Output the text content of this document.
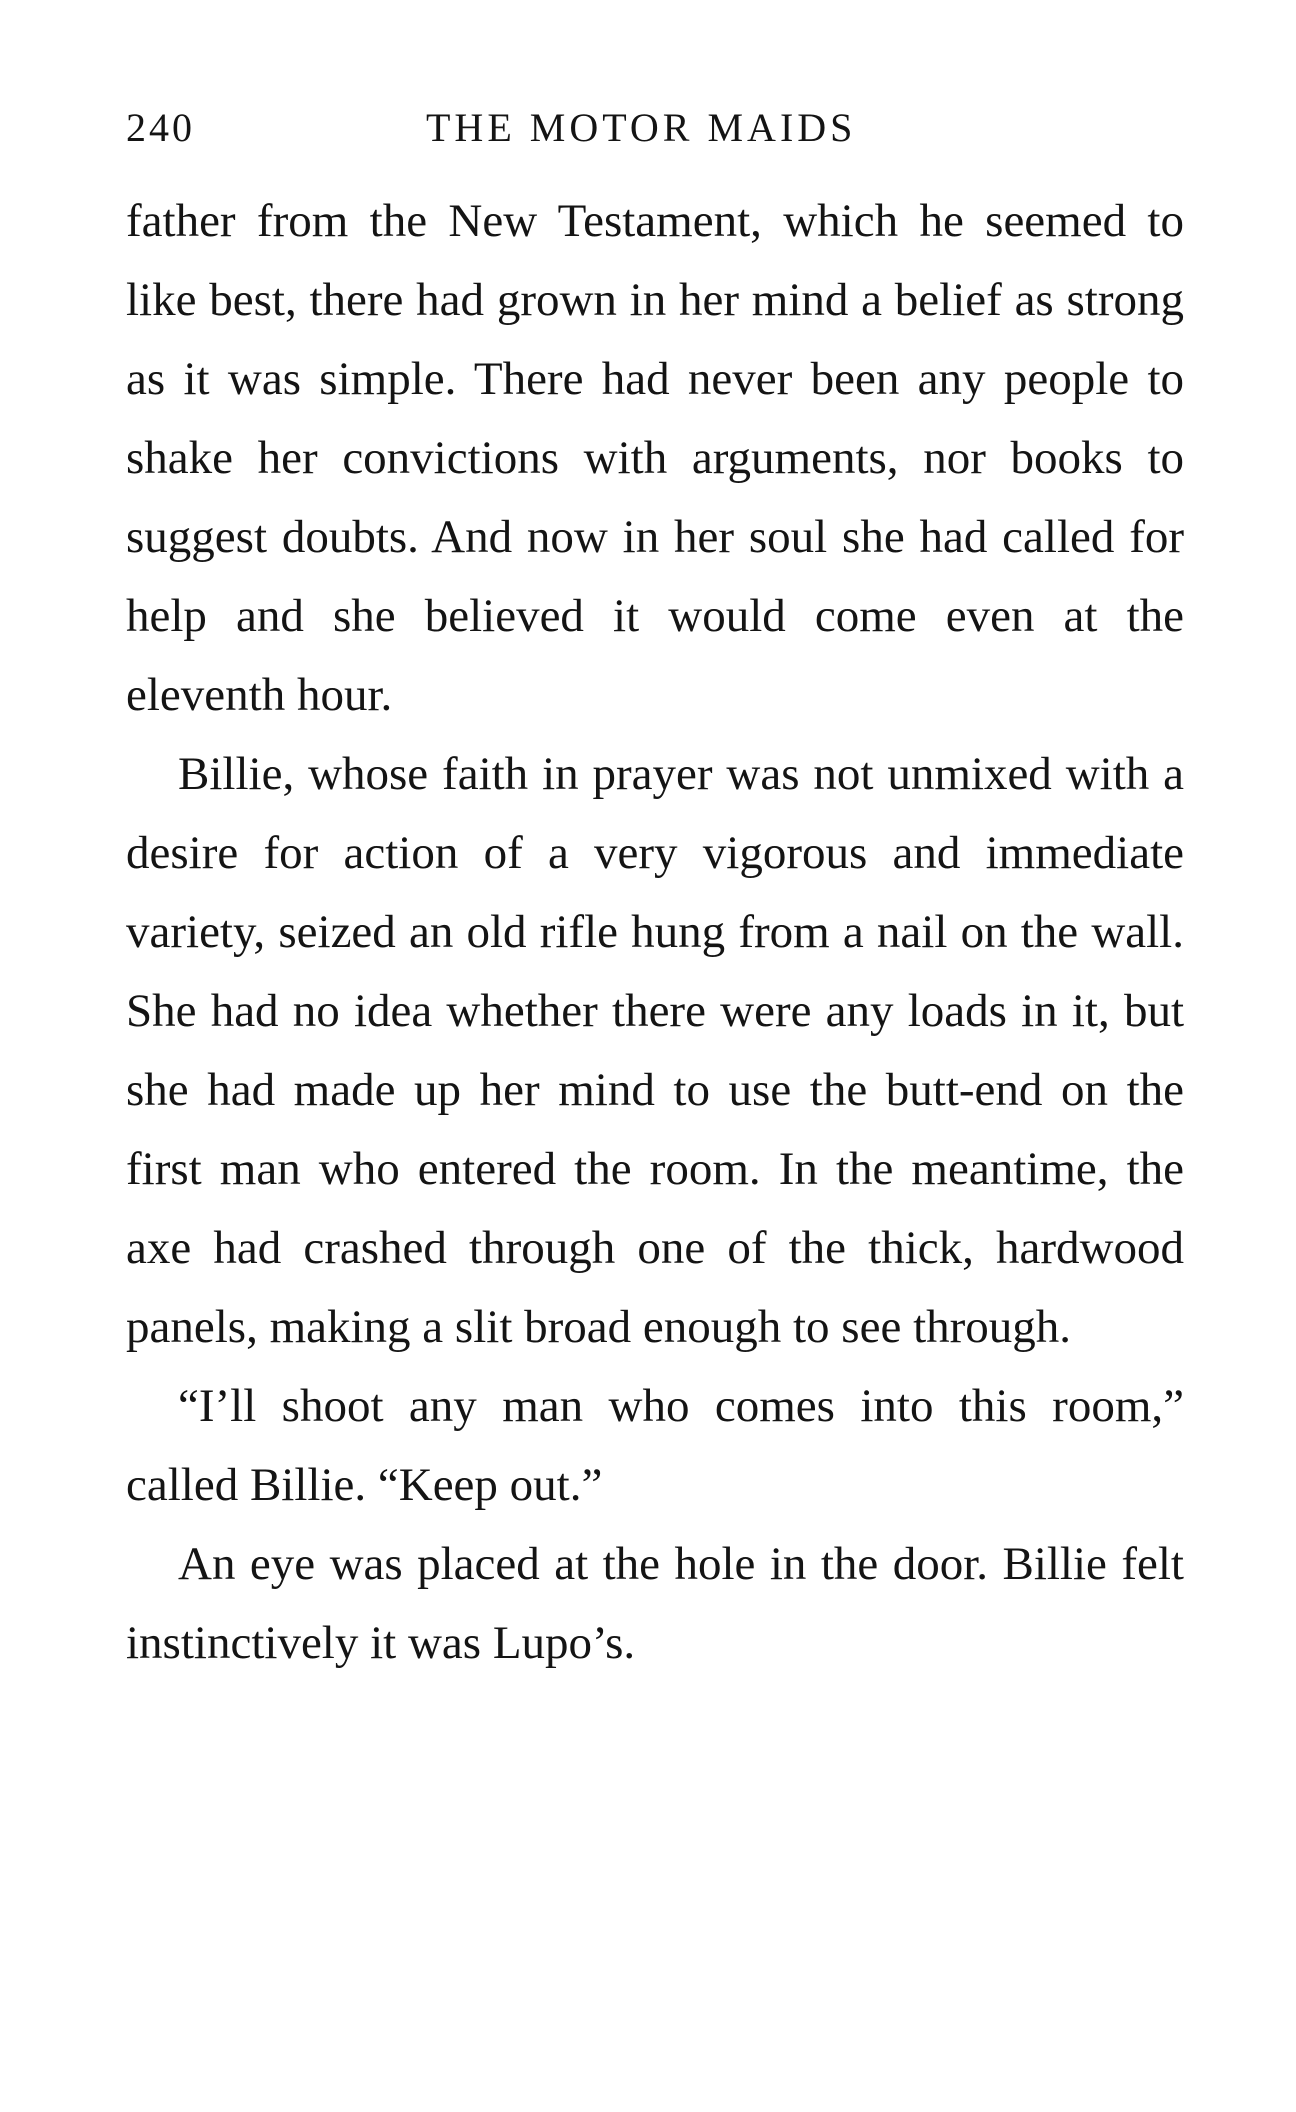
240	THE MOTOR MAIDS

father from the New Testament, which he seemed to like best, there had grown in her mind a belief as strong as it was simple. There had never been any people to shake her convictions with arguments, nor books to suggest doubts. And now in her soul she had called for help and she believed it would come even at the eleventh hour.

Billie, whose faith in prayer was not unmixed with a desire for action of a very vigorous and immediate variety, seized an old rifle hung from a nail on the wall. She had no idea whether there were any loads in it, but she had made up her mind to use the butt-end on the first man who entered the room. In the meantime, the axe had crashed through one of the thick, hardwood panels, making a slit broad enough to see through.

“I’ll shoot any man who comes into this room,” called Billie. “Keep out.”

An eye was placed at the hole in the door. Billie felt instinctively it was Lupo’s.
